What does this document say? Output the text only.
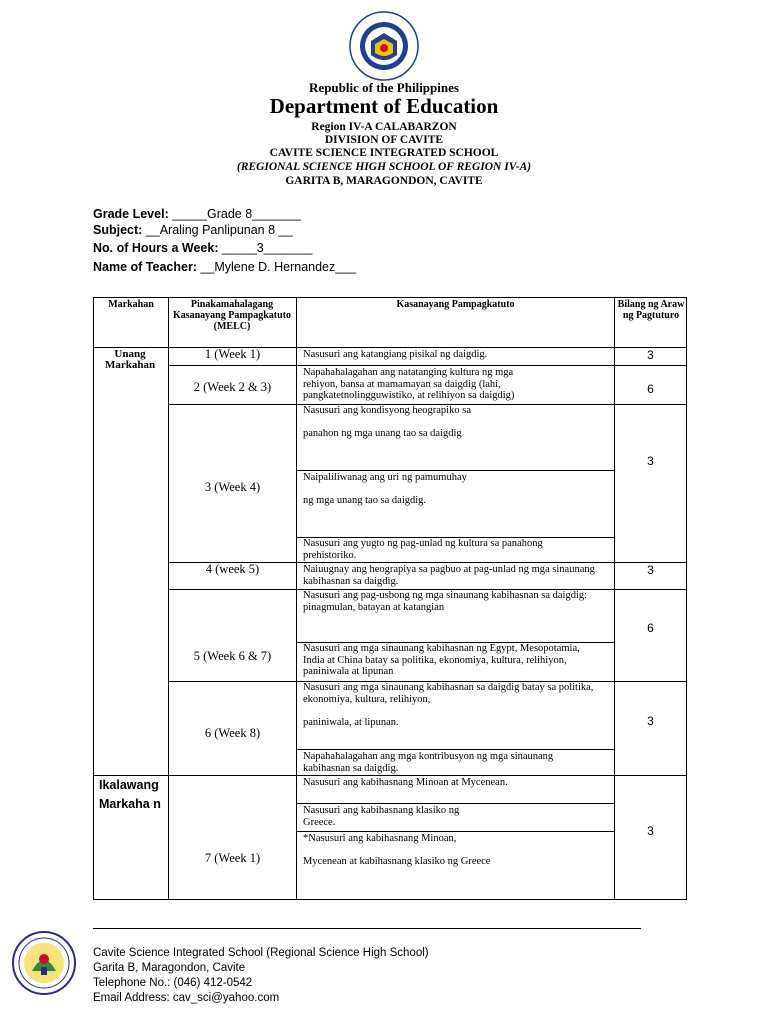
Republic of the Philippines
Department of Education
Region IV-A CALABARZON
DIVISION OF CAVITE
CAVITE SCIENCE INTEGRATED SCHOOL
(REGIONAL SCIENCE HIGH SCHOOL OF REGION IV-A)
GARITA B, MARAGONDON, CAVITE
Grade Level: _____Grade 8_______
Subject: __Araling Panlipunan 8 __
No. of Hours a Week: _____3_______
Name of Teacher: __Mylene D. Hernandez___
Markahan	Pinakamahalagang Kasanayang Pampagkatuto (MELC)
Kasanayang Pampagkatuto	Bilang ng Araw ng Pagtuturo
Unang Markahan
Ikalawang Markaha n
1 (Week 1)
2 (Week 2 & 3)
3 (Week 4)
4 (week 5)
5 (Week 6 & 7)
6 (Week 8)
7 (Week 1)
Nasusuri ang katangiang pisikal ng daigdig.
Napahahalagahan ang natatanging kultura ng mga rehiyon, bansa at mamamayan sa daigdig (lahi, pangkatetnolingguwistiko, at relihiyon sa daigdig)
Nasusuri ang kondisyong heograpiko sa

panahon ng mga unang tao sa daigdig
Naipaliliwanag ang uri ng pamumuhay

ng mga unang tao sa daigdig.
Nasusuri ang yugto ng pag-unlad ng kultura sa panahong prehistoriko.
Naiuugnay ang heograpiya sa pagbuo at pag-unlad ng mga sinaunang kabihasnan sa daigdig.
Nasusuri ang pag-usbong ng mga sinaunang kabihasnan sa daigdig: pinagmulan, batayan at katangian
Nasusuri ang mga sinaunang kabihasnan ng Egypt, Mesopotamia, India at China batay sa politika, ekonomiya, kultura, relihiyon, paniniwala at lipunan
Nasusuri ang mga sinaunang kabihasnan sa daigdig batay sa politika, ekonomiya, kultura, relihiyon,

paniniwala, at lipunan.
Napahahalagahan ang mga kontribusyon ng mga sinaunang kabihasnan sa daigdig.
Nasusuri ang kabihasnang Minoan at Mycenean.
Nasusuri ang kabihasnang klasiko ng
Greece.
*Nasusuri ang kabihasnang Minoan,

Mycenean at kabihasnang klasiko ng Greece
3
6
3
3
6
3
3
Cavite Science Integrated School (Regional Science High School)
Garita B, Maragondon, Cavite
Telephone No.: (046) 412-0542
Email Address: cav_sci@yahoo.com
